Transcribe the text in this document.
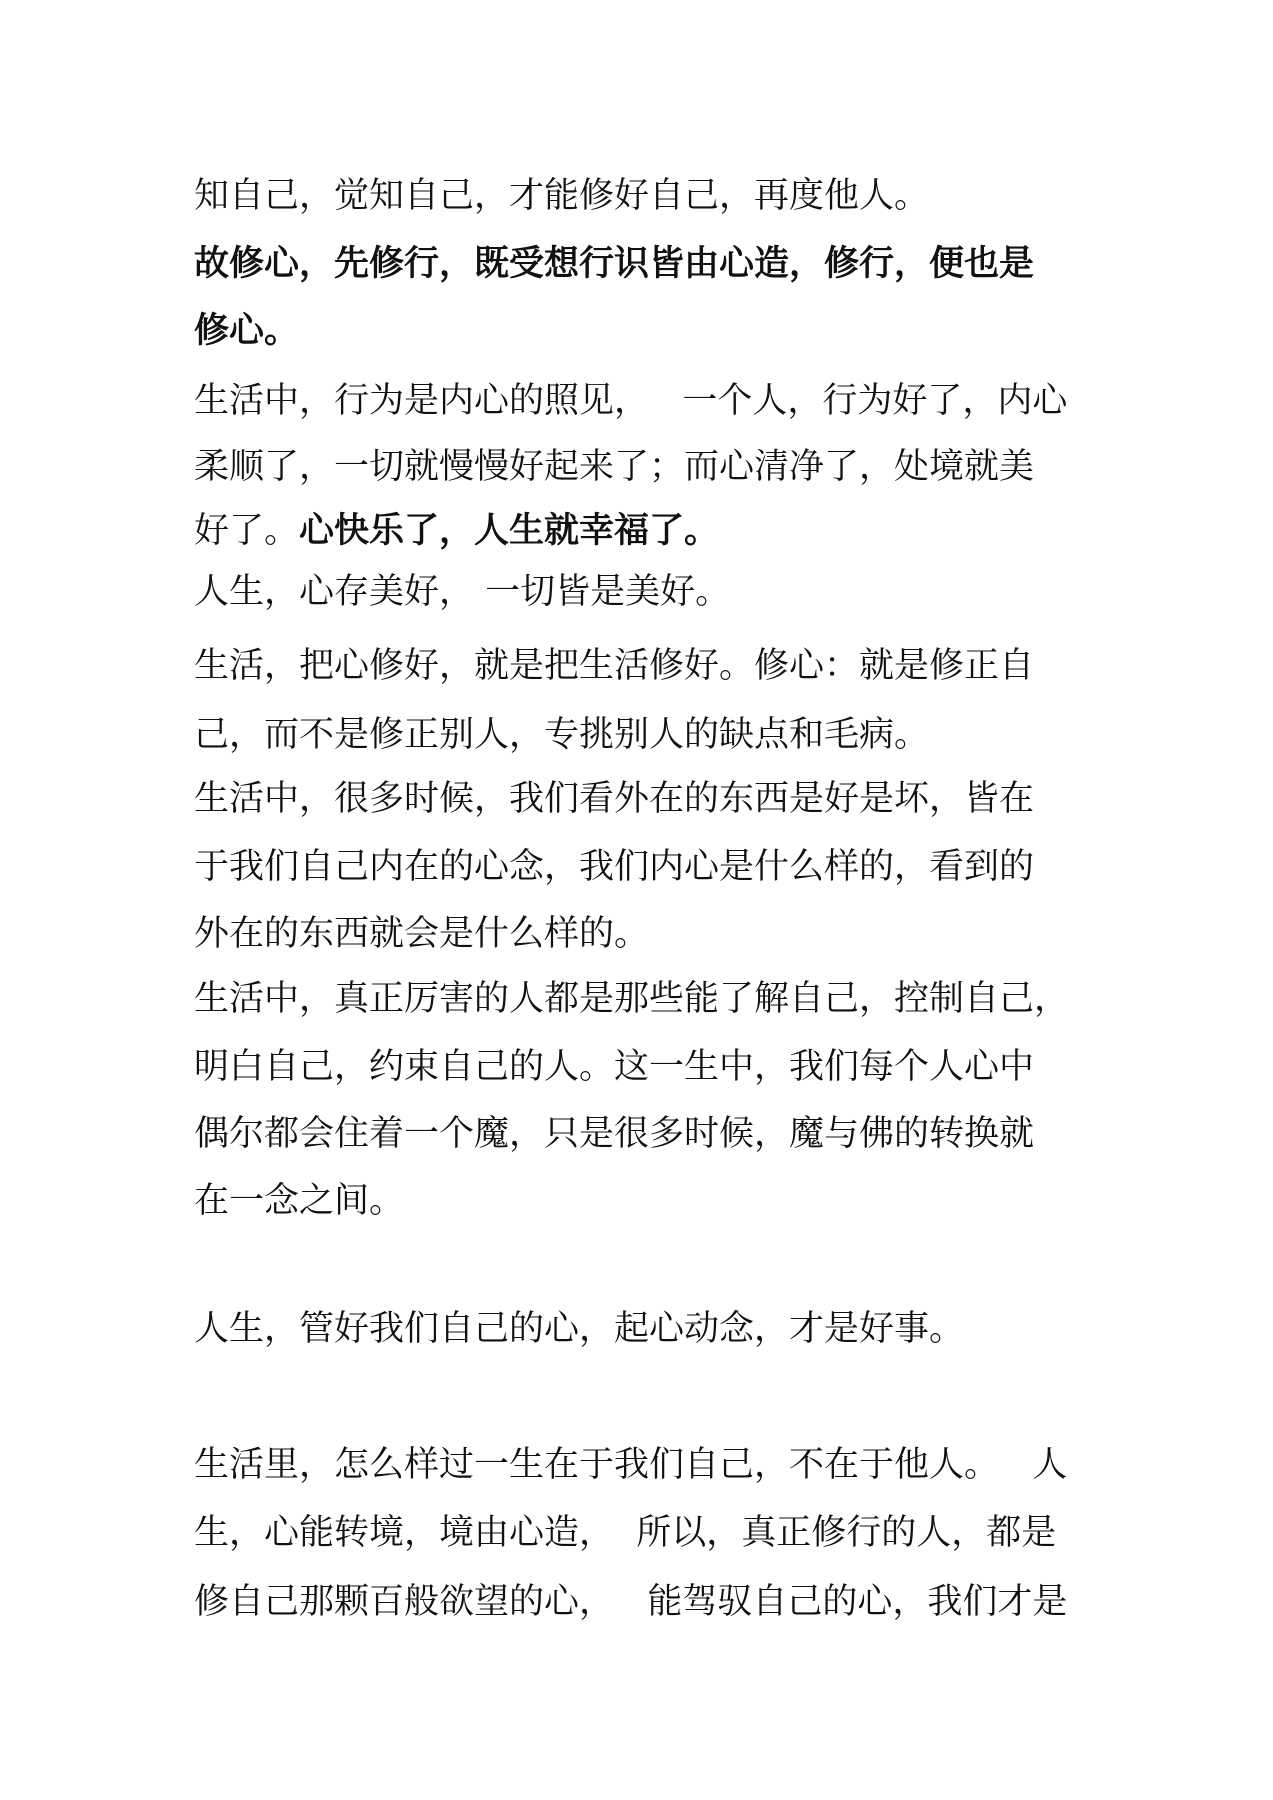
知自己，觉知自己，才能修好自己，再度他人。
故修心，先修行，既受想行识皆由心造，修行，便也是
修心。
生活中，行为是内心的照见，   一个人，行为好了，内心
柔顺了，一切就慢慢好起来了；而心清净了，处境就美
好了。心快乐了，人生就幸福了。
人生，心存美好， 一切皆是美好。
生活，把心修好，就是把生活修好。修心：就是修正自
己，而不是修正别人，专挑别人的缺点和毛病。
生活中，很多时候，我们看外在的东西是好是坏，皆在
于我们自己内在的心念，我们内心是什么样的，看到的
外在的东西就会是什么样的。
生活中，真正厉害的人都是那些能了解自己，控制自己，
明白自己，约束自己的人。这一生中，我们每个人心中
偶尔都会住着一个魔，只是很多时候，魔与佛的转换就
在一念之间。
人生，管好我们自己的心，起心动念，才是好事。
生活里，怎么样过一生在于我们自己，不在于他人。   人
生，心能转境，境由心造，  所以，真正修行的人，都是
修自己那颗百般欲望的心，   能驾驭自己的心，我们才是
